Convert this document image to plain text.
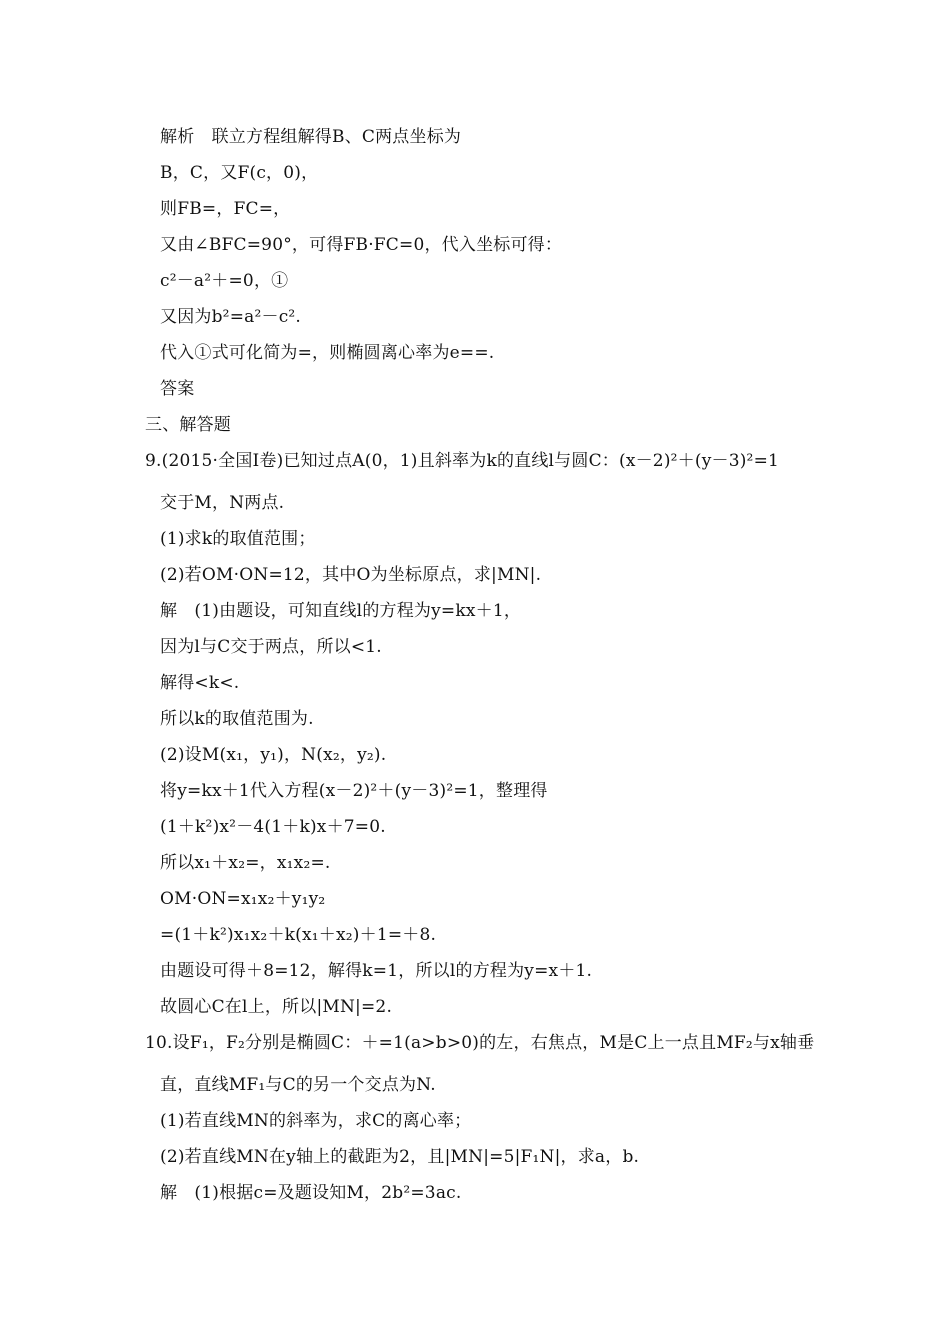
解析　联立方程组解得B、C两点坐标为
B，C，又F(c，0)，
则FB=，FC=，
又由∠BFC=90°，可得FB·FC=0，代入坐标可得：
c²－a²＋=0，①
又因为b²=a²－c².
代入①式可化简为=，则椭圆离心率为e==.
答案
三、解答题
9.(2015·全国Ⅰ卷)已知过点A(0，1)且斜率为k的直线l与圆C：(x－2)²＋(y－3)²=1
交于M，N两点.
(1)求k的取值范围；
(2)若OM·ON=12，其中O为坐标原点，求|MN|.
解　(1)由题设，可知直线l的方程为y=kx＋1，
因为l与C交于两点，所以<1.
解得<k<.
所以k的取值范围为.
(2)设M(x₁，y₁)，N(x₂，y₂).
将y=kx＋1代入方程(x－2)²＋(y－3)²=1，整理得
(1＋k²)x²－4(1＋k)x＋7=0.
所以x₁＋x₂=，x₁x₂=.
OM·ON=x₁x₂＋y₁y₂
=(1＋k²)x₁x₂＋k(x₁＋x₂)＋1=＋8.
由题设可得＋8=12，解得k=1，所以l的方程为y=x＋1.
故圆心C在l上，所以|MN|=2.
10.设F₁，F₂分别是椭圆C：＋=1(a>b>0)的左，右焦点，M是C上一点且MF₂与x轴垂
直，直线MF₁与C的另一个交点为N.
(1)若直线MN的斜率为，求C的离心率；
(2)若直线MN在y轴上的截距为2，且|MN|=5|F₁N|，求a，b.
解　(1)根据c=及题设知M，2b²=3ac.
